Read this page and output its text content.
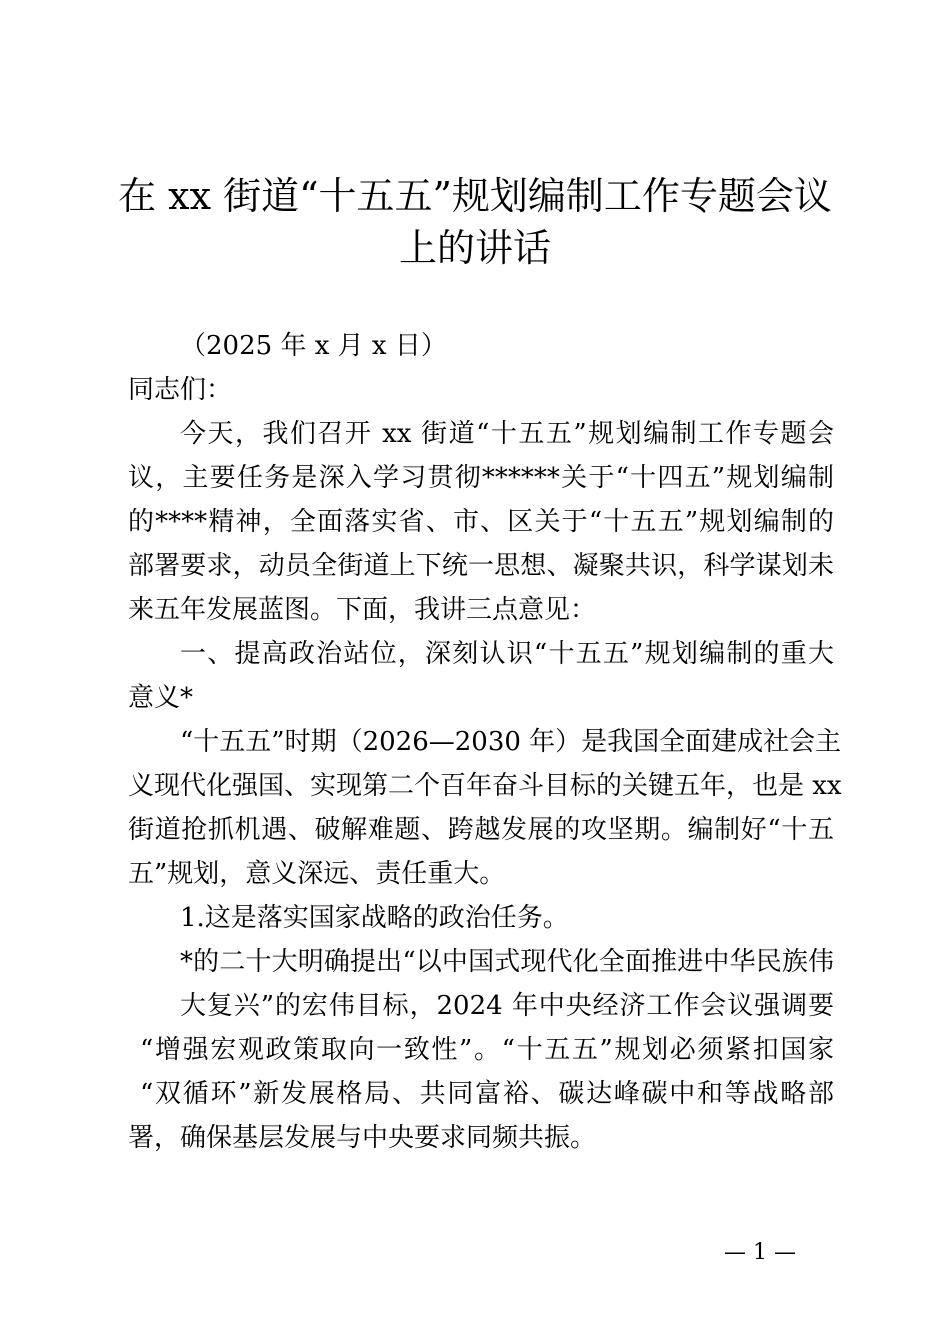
在 xx 街道“十五五”规划编制工作专题会议
上的讲话

（2025 年 x 月 x 日）

同志们：

今天，我们召开 xx 街道“十五五”规划编制工作专题会

议，主要任务是深入学习贯彻******关于“十四五”规划编制

的****精神，全面落实省、市、区关于“十五五”规划编制的

部署要求，动员全街道上下统一思想、凝聚共识，科学谋划未

来五年发展蓝图。下面，我讲三点意见：

一、提高政治站位，深刻认识“十五五”规划编制的重大

意义*

“十五五”时期（2026—2030 年）是我国全面建成社会主

义现代化强国、实现第二个百年奋斗目标的关键五年，也是 xx

街道抢抓机遇、破解难题、跨越发展的攻坚期。编制好“十五

五”规划，意义深远、责任重大。

1.这是落实国家战略的政治任务。

*的二十大明确提出“以中国式现代化全面推进中华民族伟

大复兴”的宏伟目标，2024 年中央经济工作会议强调要

“增强宏观政策取向一致性”。“十五五”规划必须紧扣国家

“双循环”新发展格局、共同富裕、碳达峰碳中和等战略部

署，确保基层发展与中央要求同频共振。

— 1 —
